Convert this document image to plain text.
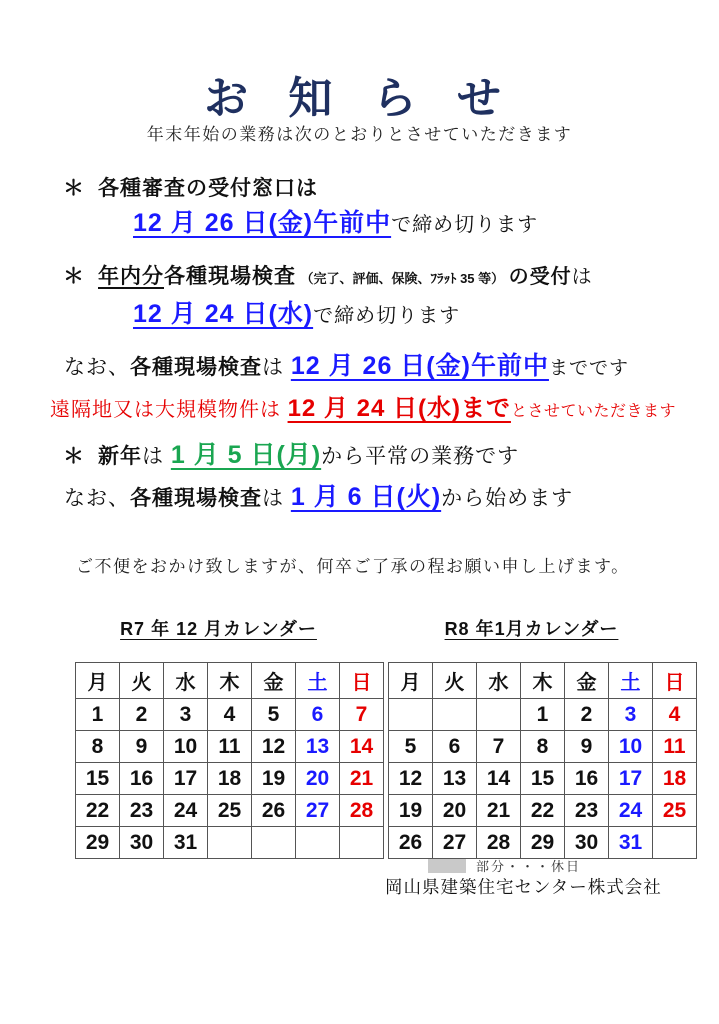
お 知 ら せ
年末年始の業務は次のとおりとさせていただきます
＊ 各種審査の受付窓口は
12 月 26 日(金)午前中で締め切ります
＊ 年内分各種現場検査 （完了、評価、保険、ﾌﾗｯﾄ 35 等） の受付は
12 月 24 日(水)で締め切ります
なお、各種現場検査は 12 月 26 日(金)午前中までです
遠隔地又は大規模物件は 12 月 24 日(水)までとさせていただきます
＊ 新年は 1 月 5 日(月)から平常の業務です
なお、各種現場検査は 1 月 6 日(火)から始めます
ご不便をおかけ致しますが、何卒ご了承の程お願い申し上げます。
R7 年 12 月カレンダー	R8 年1月カレンダー
月	火	水	木	金	土	日
1	2	3	4	5	6	7
8	9	10	11	12	13	14
15	16	17	18	19	20	21
22	23	24	25	26	27	28
29	30	31				
月	火	水	木	金	土	日
			1	2	3	4
5	6	7	8	9	10	11
12	13	14	15	16	17	18
19	20	21	22	23	24	25
26	27	28	29	30	31	
部分・・・休日
岡山県建築住宅センター株式会社
